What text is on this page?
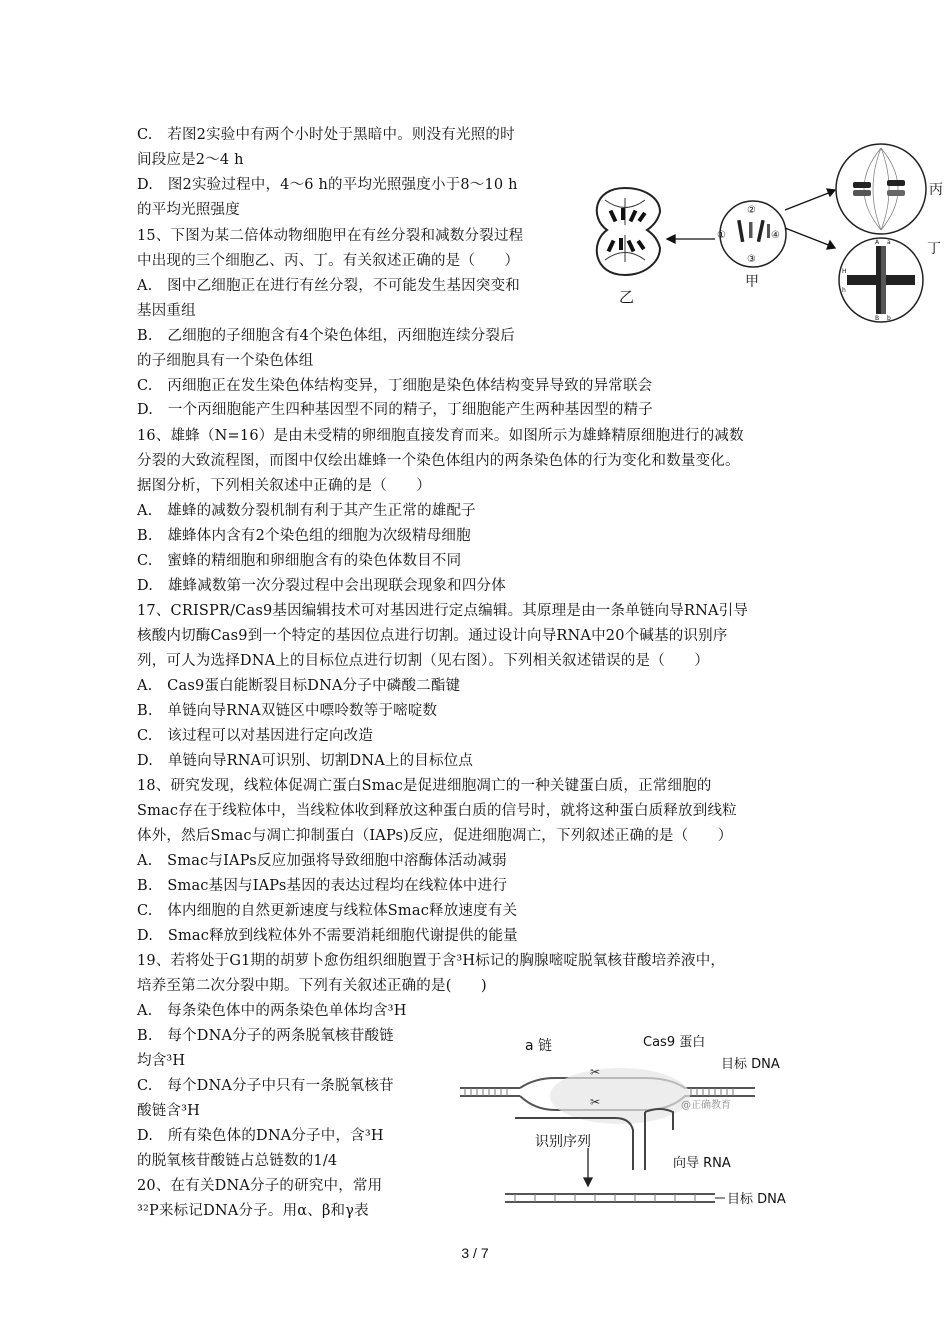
C.　若图2实验中有两个小时处于黑暗中。则没有光照的时
间段应是2～4 h
D.　图2实验过程中，4～6 h的平均光照强度小于8～10 h
的平均光照强度
15、下图为某二倍体动物细胞甲在有丝分裂和减数分裂过程
中出现的三个细胞乙、丙、丁。有关叙述正确的是（　　）
A.　图中乙细胞正在进行有丝分裂，不可能发生基因突变和
基因重组
B.　乙细胞的子细胞含有4个染色体组，丙细胞连续分裂后
的子细胞具有一个染色体组
C.　丙细胞正在发生染色体结构变异，丁细胞是染色体结构变异导致的异常联会
D.　一个丙细胞能产生四种基因型不同的精子，丁细胞能产生两种基因型的精子
16、雄蜂（N=16）是由未受精的卵细胞直接发育而来。如图所示为雄蜂精原细胞进行的减数
分裂的大致流程图，而图中仅绘出雄蜂一个染色体组内的两条染色体的行为变化和数量变化。
据图分析，下列相关叙述中正确的是（　　）
A.　雄蜂的减数分裂机制有利于其产生正常的雄配子
B.　雄蜂体内含有2个染色组的细胞为次级精母细胞
C.　蜜蜂的精细胞和卵细胞含有的染色体数目不同
D.　雄蜂减数第一次分裂过程中会出现联会现象和四分体
17、CRISPR/Cas9基因编辑技术可对基因进行定点编辑。其原理是由一条单链向导RNA引导
核酸内切酶Cas9到一个特定的基因位点进行切割。通过设计向导RNA中20个碱基的识别序
列，可人为选择DNA上的目标位点进行切割（见右图）。下列相关叙述错误的是（　　）
A.　Cas9蛋白能断裂目标DNA分子中磷酸二酯键
B.　单链向导RNA双链区中嘌呤数等于嘧啶数
C.　该过程可以对基因进行定向改造
D.　单链向导RNA可识别、切割DNA上的目标位点
18、研究发现，线粒体促凋亡蛋白Smac是促进细胞凋亡的一种关键蛋白质，正常细胞的
Smac存在于线粒体中，当线粒体收到释放这种蛋白质的信号时，就将这种蛋白质释放到线粒
体外，然后Smac与凋亡抑制蛋白（IAPs)反应，促进细胞凋亡，下列叙述正确的是（　　）
A.　Smac与IAPs反应加强将导致细胞中溶酶体活动减弱
B.　Smac基因与IAPs基因的表达过程均在线粒体中进行
C.　体内细胞的自然更新速度与线粒体Smac释放速度有关
D.　Smac释放到线粒体外不需要消耗细胞代谢提供的能量
19、若将处于G1期的胡萝卜愈伤组织细胞置于含³H标记的胸腺嘧啶脱氧核苷酸培养液中，
培养至第二次分裂中期。下列有关叙述正确的是(　　)
A.　每条染色体中的两条染色单体均含³H
B.　每个DNA分子的两条脱氧核苷酸链
均含³H
C.　每个DNA分子中只有一条脱氧核苷
酸链含³H
D.　所有染色体的DNA分子中，含³H
的脱氧核苷酸链占总链数的1/4
20、在有关DNA分子的研究中，常用
³²P来标记DNA分子。用α、β和γ表
乙
①
②
③
④
甲
丙
A a
B b
H
h
丁
✂
✂
a 链	Cas9 蛋白
目标 DNA
@正确教育
识别序列
向导 RNA
目标 DNA
3 / 7
